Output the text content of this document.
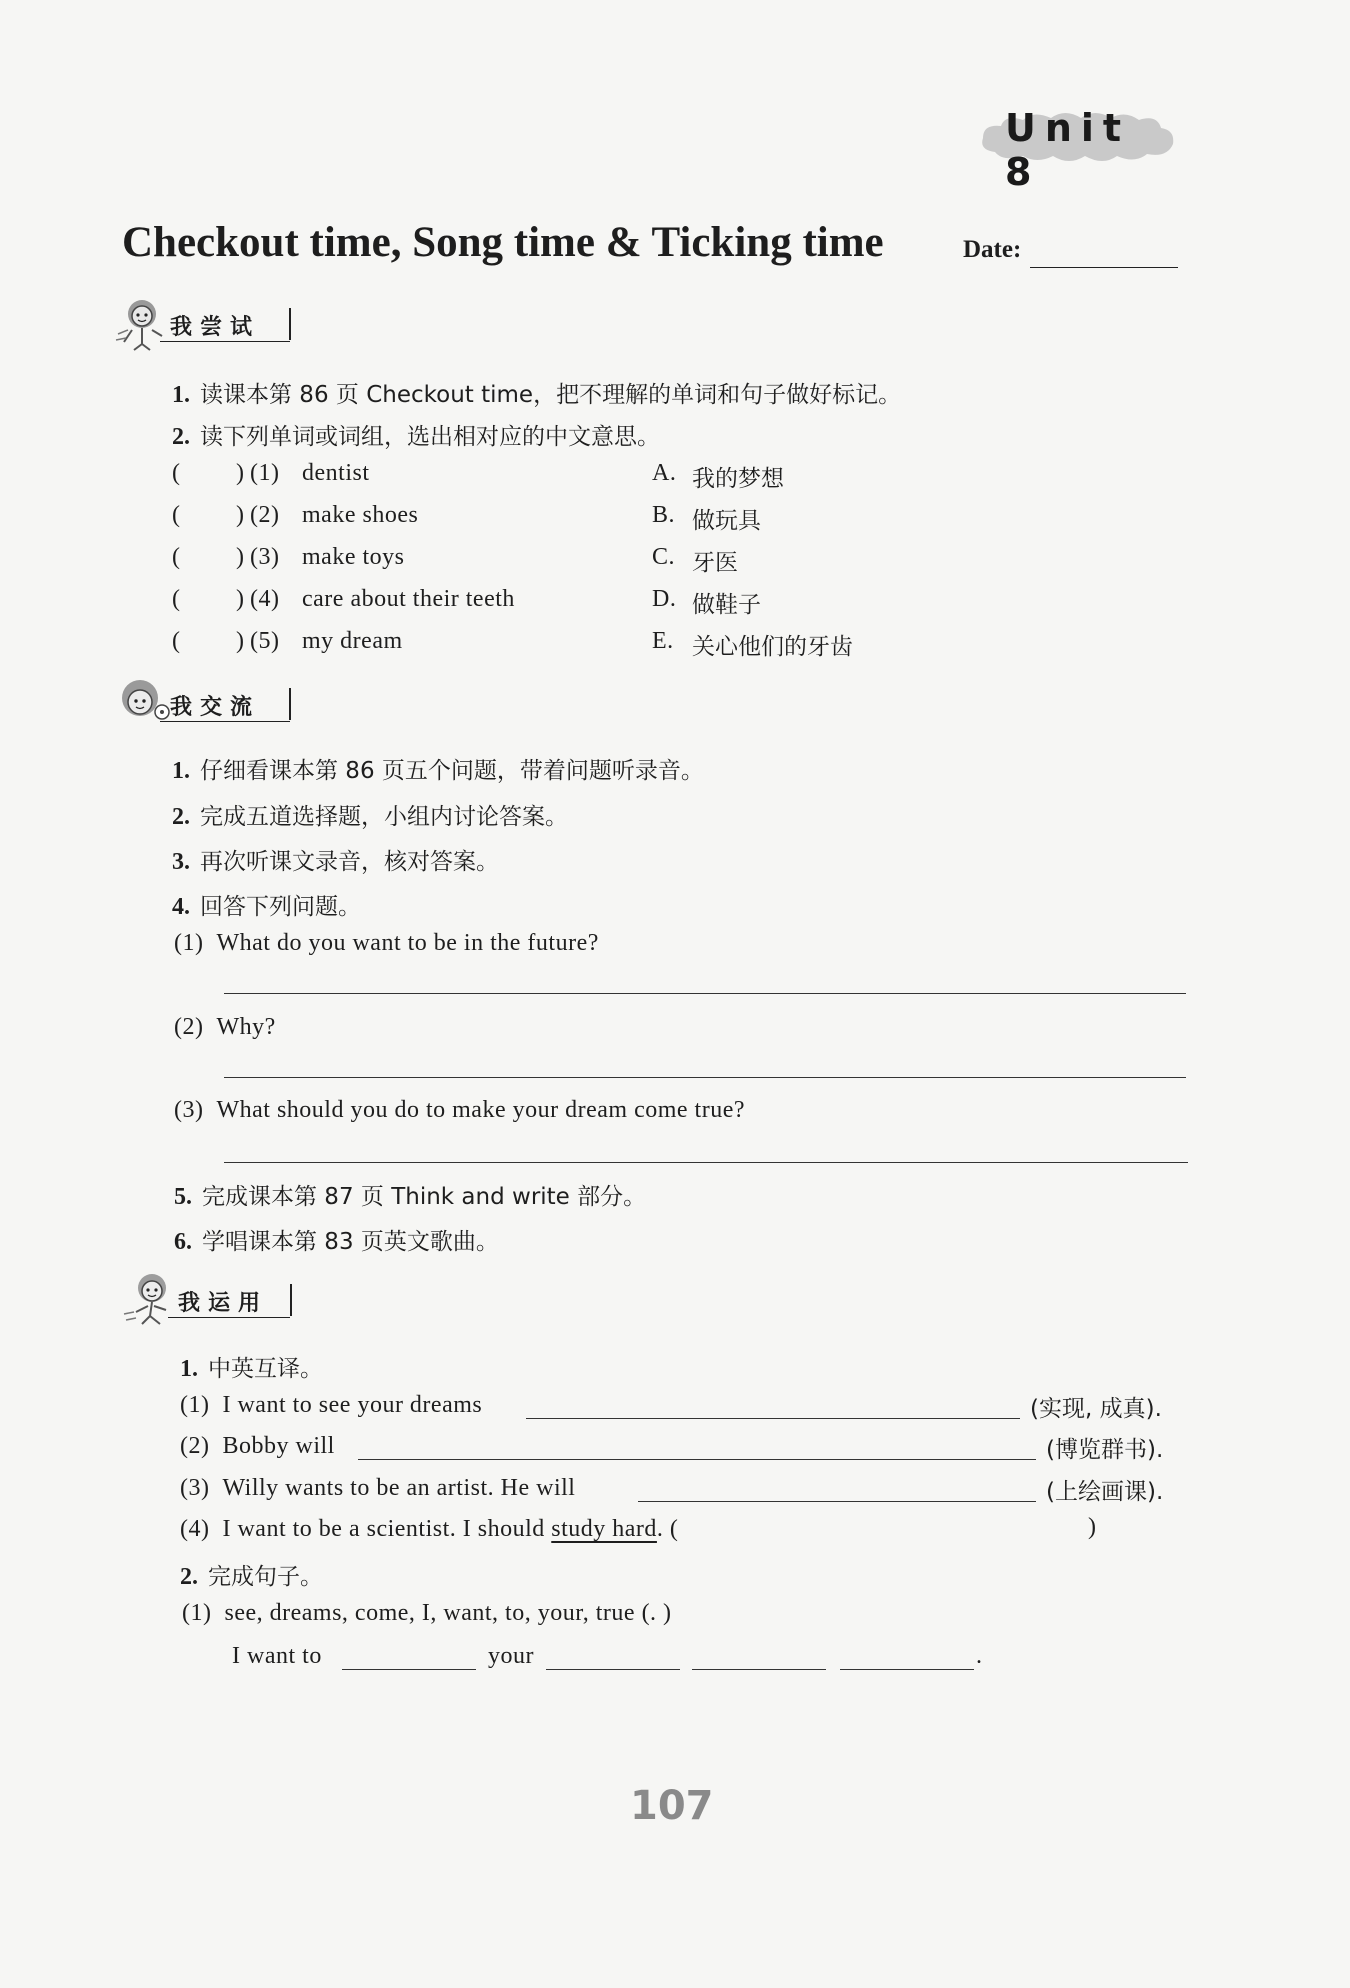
Unit 8
Checkout time, Song time & Ticking time	Date:
我尝试
1. 读课本第 86 页 Checkout time，把不理解的单词和句子做好标记。
2. 读下列单词或词组，选出相对应的中文意思。
( ) (1) dentist	A. 我的梦想
( ) (2) make shoes	B. 做玩具
( ) (3) make toys	C. 牙医
( ) (4) care about their teeth	D. 做鞋子
( ) (5) my dream	E. 关心他们的牙齿
我交流
1. 仔细看课本第 86 页五个问题，带着问题听录音。
2. 完成五道选择题，小组内讨论答案。
3. 再次听课文录音，核对答案。
4. 回答下列问题。
(1) What do you want to be in the future?
(2) Why?
(3) What should you do to make your dream come true?
5. 完成课本第 87 页 Think and write 部分。
6. 学唱课本第 83 页英文歌曲。
我运用
1. 中英互译。
(1) I want to see your dreams	(实现, 成真).
(2) Bobby will	(博览群书).
(3) Willy wants to be an artist. He will	(上绘画课).
(4) I want to be a scientist. I should study hard. (	)
2. 完成句子。
(1) see, dreams, come, I, want, to, your, true (. )
I want to	your	.
107
